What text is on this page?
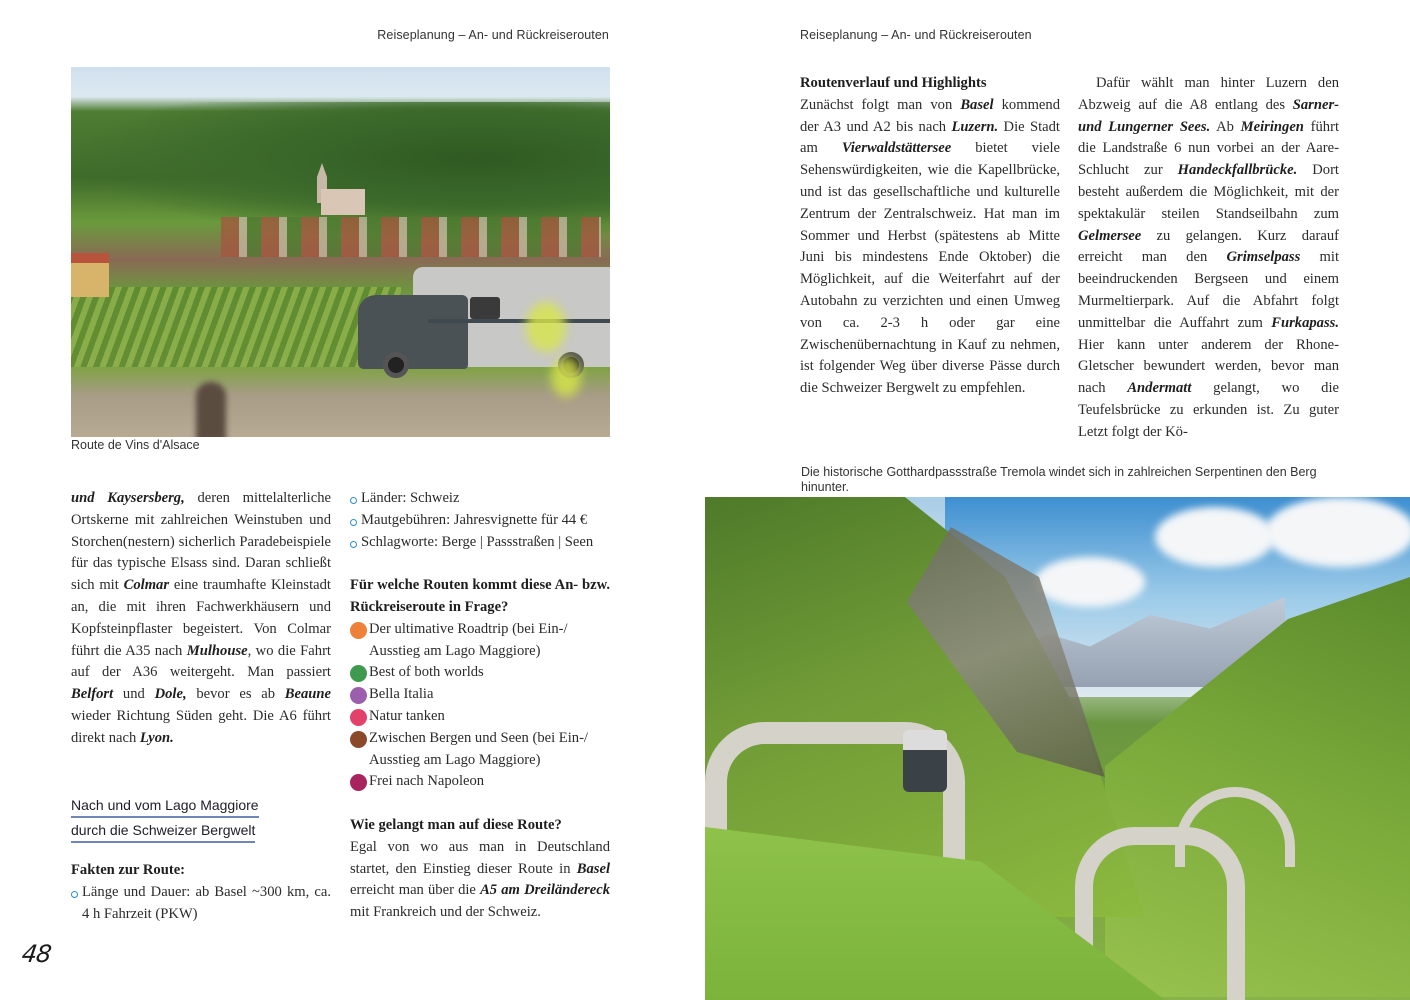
Reiseplanung – An- und Rückreiserouten
Route de Vins d'Alsace

und Kaysersberg, deren mittelalterliche Ortskerne mit zahlreichen Weinstuben und Storchen(nestern) sicherlich Paradebeispiele für das typische Elsass sind. Daran schließt sich mit Colmar eine traumhafte Kleinstadt an, die mit ihren Fachwerkhäusern und Kopfsteinpflaster begeistert. Von Colmar führt die A35 nach Mulhouse, wo die Fahrt auf der A36 weitergeht. Man passiert Belfort und Dole, bevor es ab Beaune wieder Richtung Süden geht. Die A6 führt direkt nach Lyon.

Nach und vom Lago Maggiore
durch die Schweizer Bergwelt
Fakten zur Route:
Länge und Dauer: ab Basel ~300 km, ca. 4 h Fahrzeit (PKW)
Länder: Schweiz
Mautgebühren: Jahresvignette für 44 €
Schlagworte: Berge | Passstraßen | Seen
Für welche Routen kommt diese An- bzw. Rückreiseroute in Frage?
Der ultimative Roadtrip (bei Ein-/ Ausstieg am Lago Maggiore)
Best of both worlds
Bella Italia
Natur tanken
Zwischen Bergen und Seen (bei Ein-/ Ausstieg am Lago Maggiore)
Frei nach Napoleon
Wie gelangt man auf diese Route?

Egal von wo aus man in Deutschland startet, den Einstieg dieser Route in Basel erreicht man über die A5 am Dreiländereck mit Frankreich und der Schweiz.

48
Reiseplanung – An- und Rückreiserouten
Routenverlauf und Highlights

Zunächst folgt man von Basel kommend der A3 und A2 bis nach Luzern. Die Stadt am Vierwaldstättersee bietet viele Sehenswürdigkeiten, wie die Kapellbrücke, und ist das gesellschaftliche und kulturelle Zentrum der Zentralschweiz. Hat man im Sommer und Herbst (spätestens ab Mitte Juni bis mindestens Ende Oktober) die Möglichkeit, auf die Weiterfahrt auf der Autobahn zu verzichten und einen Umweg von ca. 2-3 h oder gar eine Zwischenübernachtung in Kauf zu nehmen, ist folgender Weg über diverse Pässe durch die Schweizer Bergwelt zu empfehlen.

Dafür wählt man hinter Luzern den Abzweig auf die A8 entlang des Sarner- und Lungerner Sees. Ab Meiringen führt die Landstraße 6 nun vorbei an der Aare-Schlucht zur Handeckfallbrücke. Dort besteht außerdem die Möglichkeit, mit der spektakulär steilen Standseilbahn zum Gelmersee zu gelangen. Kurz darauf erreicht man den Grimselpass mit beeindruckenden Bergseen und einem Murmeltierpark. Auf die Abfahrt folgt unmittelbar die Auffahrt zum Furkapass. Hier kann unter anderem der Rhone-Gletscher bewundert werden, bevor man nach Andermatt gelangt, wo die Teufelsbrücke zu erkunden ist. Zu guter Letzt folgt der Kö-

Die historische Gotthardpassstraße Tremola windet sich in zahlreichen Serpentinen den Berg hinunter.
